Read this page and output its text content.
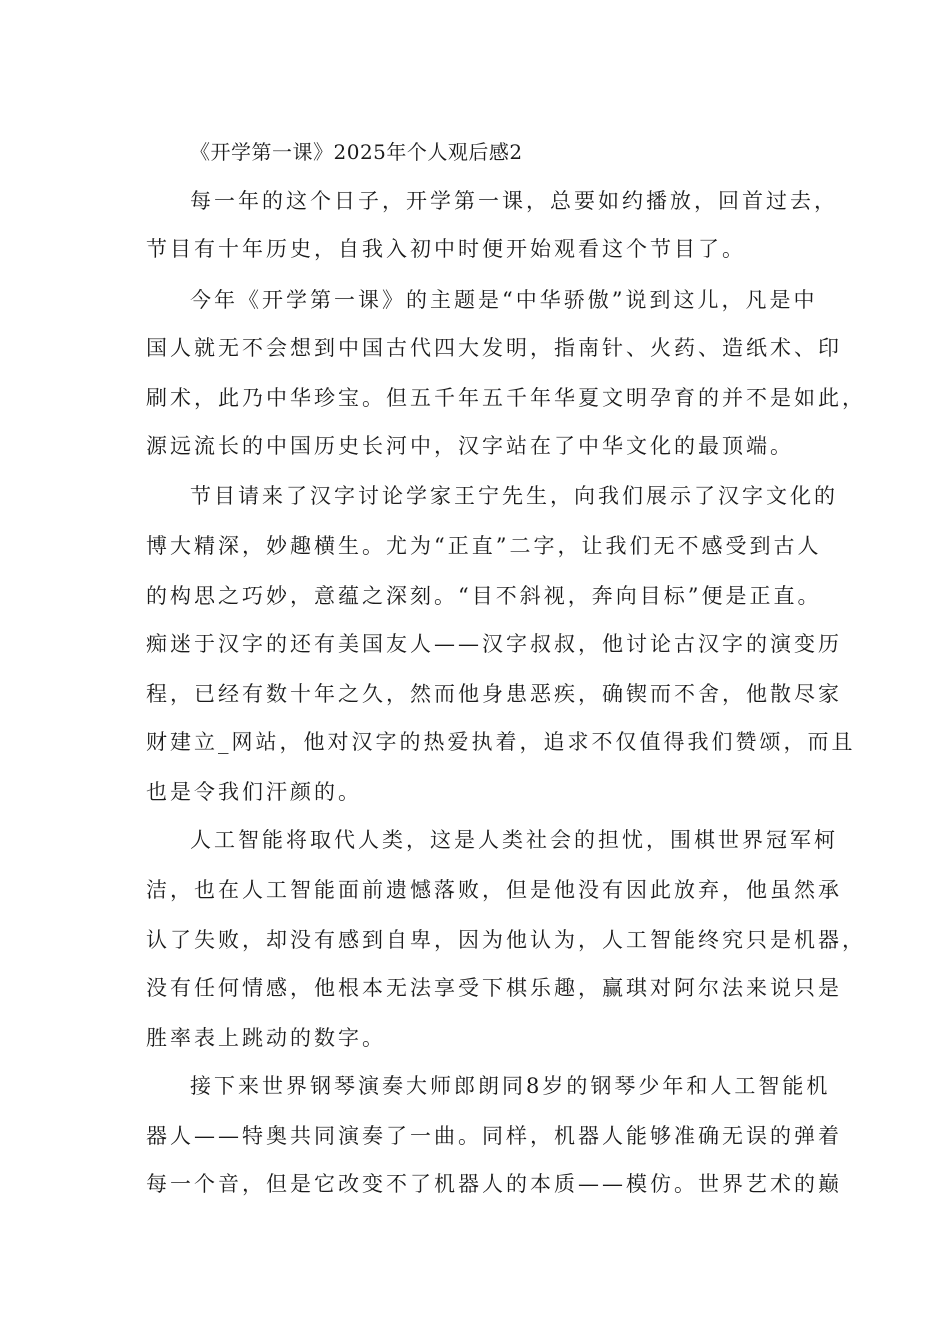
《开学第一课》2025年个人观后感2
每一年的这个日子，开学第一课，总要如约播放，回首过去，
节目有十年历史，自我入初中时便开始观看这个节目了。
今年《开学第一课》的主题是“中华骄傲”说到这儿，凡是中
国人就无不会想到中国古代四大发明，指南针、火药、造纸术、印
刷术，此乃中华珍宝。但五千年五千年华夏文明孕育的并不是如此，
源远流长的中国历史长河中，汉字站在了中华文化的最顶端。
节目请来了汉字讨论学家王宁先生，向我们展示了汉字文化的
博大精深，妙趣横生。尤为“正直”二字，让我们无不感受到古人
的构思之巧妙，意蕴之深刻。“目不斜视，奔向目标”便是正直。
痴迷于汉字的还有美国友人——汉字叔叔，他讨论古汉字的演变历
程，已经有数十年之久，然而他身患恶疾，确锲而不舍，他散尽家
财建立_网站，他对汉字的热爱执着，追求不仅值得我们赞颂，而且
也是令我们汗颜的。
人工智能将取代人类，这是人类社会的担忧，围棋世界冠军柯
洁，也在人工智能面前遗憾落败，但是他没有因此放弃，他虽然承
认了失败，却没有感到自卑，因为他认为，人工智能终究只是机器，
没有任何情感，他根本无法享受下棋乐趣，赢琪对阿尔法来说只是
胜率表上跳动的数字。
接下来世界钢琴演奏大师郎朗同8岁的钢琴少年和人工智能机
器人——特奥共同演奏了一曲。同样，机器人能够准确无误的弹着
每一个音，但是它改变不了机器人的本质——模仿。世界艺术的巅
